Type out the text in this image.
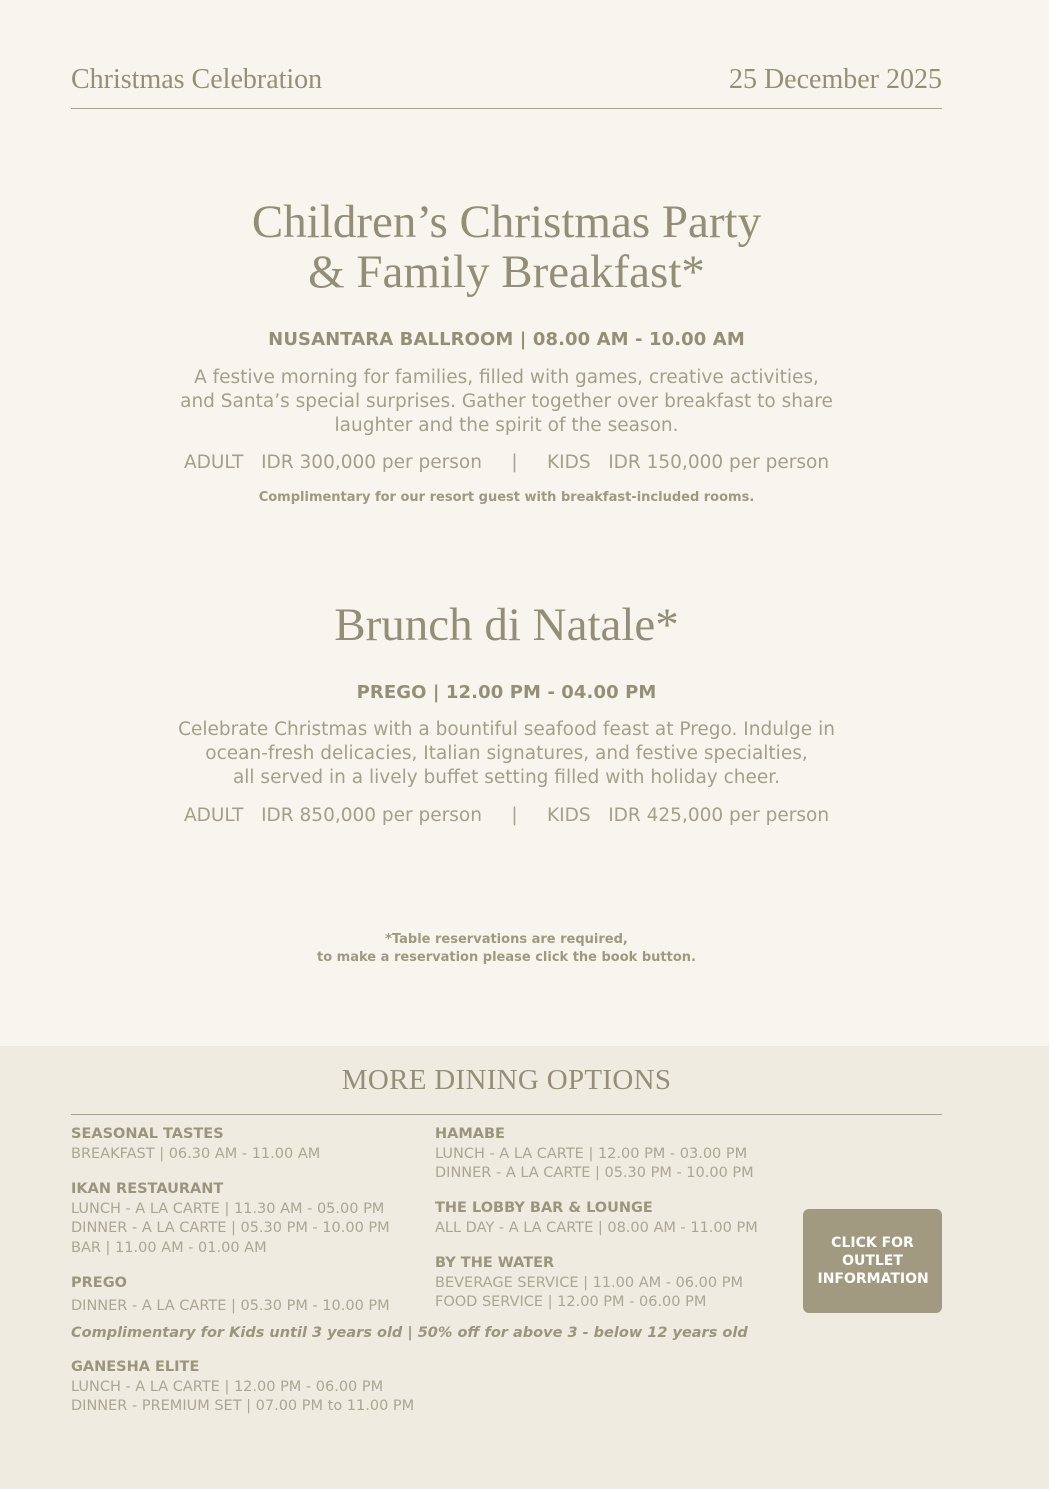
Christmas Celebration	25 December 2025
Children’s Christmas Party
& Family Breakfast*
NUSANTARA BALLROOM | 08.00 AM - 10.00 AM
A festive morning for families, filled with games, creative activities,
and Santa’s special surprises. Gather together over breakfast to share
laughter and the spirit of the season.
ADULT   IDR 300,000 per person     |     KIDS   IDR 150,000 per person
Complimentary for our resort guest with breakfast-included rooms.
Brunch di Natale*
PREGO | 12.00 PM - 04.00 PM
Celebrate Christmas with a bountiful seafood feast at Prego. Indulge in
ocean-fresh delicacies, Italian signatures, and festive specialties,
all served in a lively buffet setting filled with holiday cheer.
ADULT   IDR 850,000 per person     |     KIDS   IDR 425,000 per person
*Table reservations are required,
to make a reservation please click the book button.
MORE DINING OPTIONS
SEASONAL TASTES
BREAKFAST | 06.30 AM - 11.00 AM
IKAN RESTAURANT
LUNCH - A LA CARTE | 11.30 AM - 05.00 PM
DINNER - A LA CARTE | 05.30 PM - 10.00 PM
BAR | 11.00 AM - 01.00 AM
PREGO
DINNER - A LA CARTE | 05.30 PM - 10.00 PM
HAMABE
LUNCH - A LA CARTE | 12.00 PM - 03.00 PM
DINNER - A LA CARTE | 05.30 PM - 10.00 PM
THE LOBBY BAR & LOUNGE
ALL DAY - A LA CARTE | 08.00 AM - 11.00 PM
BY THE WATER
BEVERAGE SERVICE | 11.00 AM - 06.00 PM
FOOD SERVICE | 12.00 PM - 06.00 PM
CLICK FOR OUTLET INFORMATION
Complimentary for Kids until 3 years old | 50% off for above 3 - below 12 years old
GANESHA ELITE
LUNCH - A LA CARTE | 12.00 PM - 06.00 PM
DINNER - PREMIUM SET | 07.00 PM to 11.00 PM
